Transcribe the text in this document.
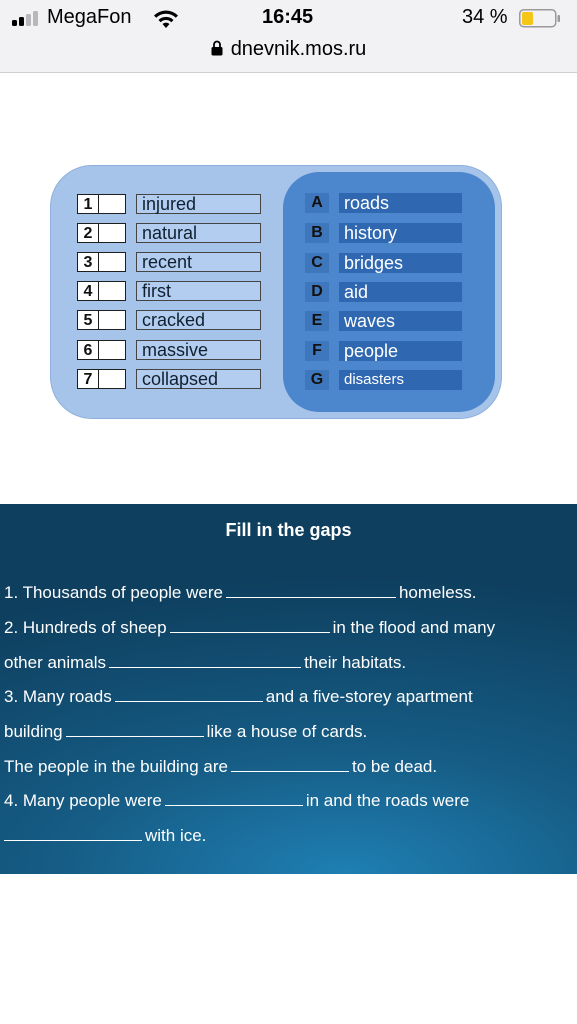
MegaFon	16:45	34 %
dnevnik.mos.ru
1	injured
2	natural
3	recent
4	first
5	cracked
6	massive
7	collapsed
A	roads
B	history
C	bridges
D	aid
E	waves
F	people
G	disasters
Fill in the gaps
1. Thousands of people were	homeless.
2. Hundreds of sheep	in the flood and many
other animals	their habitats.
3. Many roads	and a five-storey apartment
building	like a house of cards.
The people in the building are	to be dead.
4. Many people were	in and the roads were
with ice.
